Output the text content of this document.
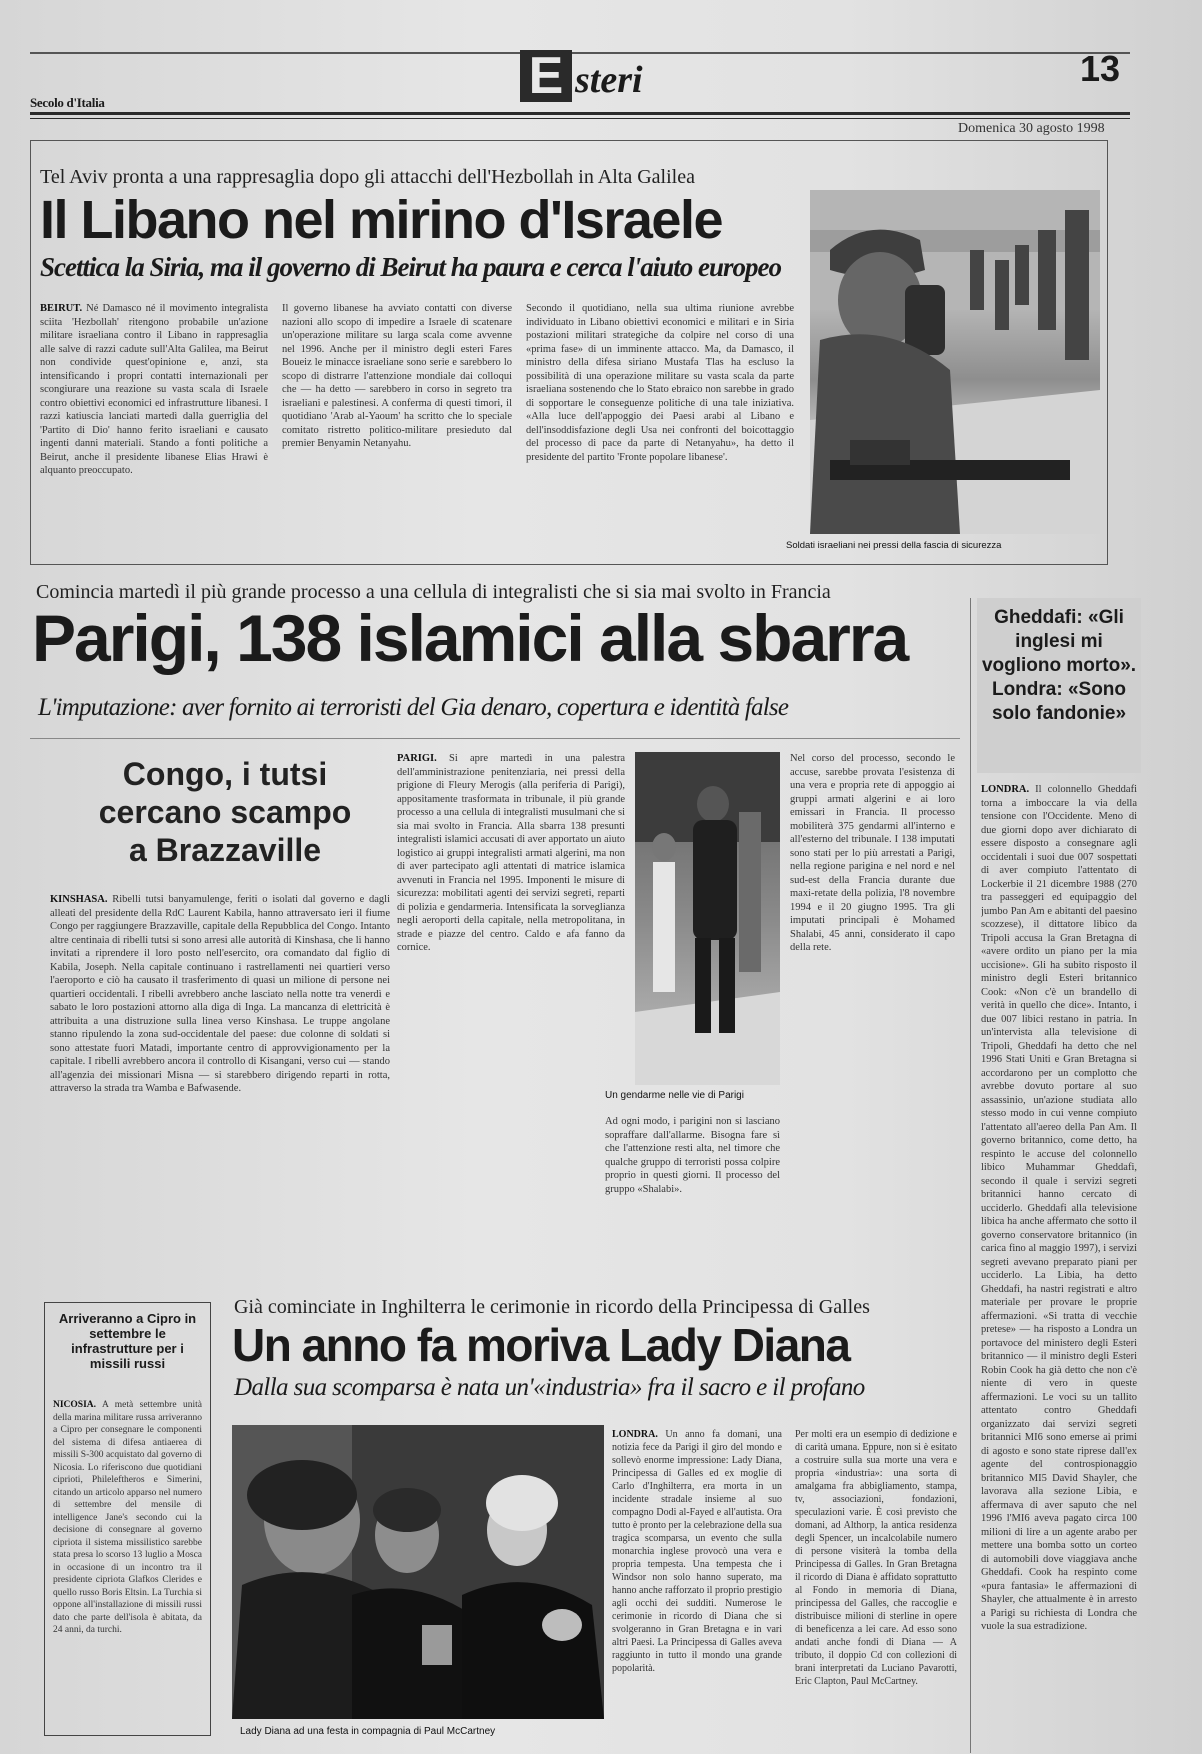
Secolo d'Italia	E steri	13
Domenica 30 agosto 1998
Tel Aviv pronta a una rappresaglia dopo gli attacchi dell'Hezbollah in Alta Galilea
Il Libano nel mirino d'Israele
Scettica la Siria, ma il governo di Beirut ha paura e cerca l'aiuto europeo
BEIRUT. Né Damasco né il movimento integralista sciita 'Hezbollah' ritengono probabile un'azione militare israeliana contro il Libano in rappresaglia alle salve di razzi cadute sull'Alta Galilea, ma Beirut non condivide quest'opinione e, anzi, sta intensificando i propri contatti internazionali per scongiurare una reazione su vasta scala di Israele contro obiettivi economici ed infrastrutture libanesi. I razzi katiuscia lanciati martedì dalla guerriglia del 'Partito di Dio' hanno ferito israeliani e causato ingenti danni materiali. Stando a fonti politiche a Beirut, anche il presidente libanese Elias Hrawi è alquanto preoccupato.
Il governo libanese ha avviato contatti con diverse nazioni allo scopo di impedire a Israele di scatenare un'operazione militare su larga scala come avvenne nel 1996. Anche per il ministro degli esteri Fares Boueiz le minacce israeliane sono serie e sarebbero lo scopo di distrarre l'attenzione mondiale dai colloqui che — ha detto — sarebbero in corso in segreto tra israeliani e palestinesi. A conferma di questi timori, il quotidiano 'Arab al-Yaoum' ha scritto che lo speciale comitato ristretto politico-militare presieduto dal premier Benyamin Netanyahu.
Secondo il quotidiano, nella sua ultima riunione avrebbe individuato in Libano obiettivi economici e militari e in Siria postazioni militari strategiche da colpire nel corso di una «prima fase» di un imminente attacco. Ma, da Damasco, il ministro della difesa siriano Mustafa Tlas ha escluso la possibilità di una operazione militare su vasta scala da parte israeliana sostenendo che lo Stato ebraico non sarebbe in grado di sopportare le conseguenze politiche di una tale iniziativa. «Alla luce dell'appoggio dei Paesi arabi al Libano e dell'insoddisfazione degli Usa nei confronti del boicottaggio del processo di pace da parte di Netanyahu», ha detto il presidente del partito 'Fronte popolare libanese'.
Soldati israeliani nei pressi della fascia di sicurezza
Comincia martedì il più grande processo a una cellula di integralisti che si sia mai svolto in Francia
Parigi, 138 islamici alla sbarra
L'imputazione: aver fornito ai terroristi del Gia denaro, copertura e identità false
Congo, i tutsi
cercano scampo
a Brazzaville
KINSHASA. Ribelli tutsi banyamulenge, feriti o isolati dal governo e dagli alleati del presidente della RdC Laurent Kabila, hanno attraversato ieri il fiume Congo per raggiungere Brazzaville, capitale della Repubblica del Congo. Intanto altre centinaia di ribelli tutsi si sono arresi alle autorità di Kinshasa, che li hanno invitati a riprendere il loro posto nell'esercito, ora comandato dal figlio di Kabila, Joseph. Nella capitale continuano i rastrellamenti nei quartieri verso l'aeroporto e ciò ha causato il trasferimento di quasi un milione di persone nei quartieri occidentali. I ribelli avrebbero anche lasciato nella notte tra venerdì e sabato le loro postazioni attorno alla diga di Inga. La mancanza di elettricità è attribuita a una distruzione sulla linea verso Kinshasa. Le truppe angolane stanno ripulendo la zona sud-occidentale del paese: due colonne di soldati si sono attestate fuori Matadi, importante centro di approvvigionamento per la capitale. I ribelli avrebbero ancora il controllo di Kisangani, verso cui — stando all'agenzia dei missionari Misna — si starebbero dirigendo reparti in rotta, attraverso la strada tra Wamba e Bafwasende.
PARIGI. Si apre martedì in una palestra dell'amministrazione penitenziaria, nei pressi della prigione di Fleury Merogis (alla periferia di Parigi), appositamente trasformata in tribunale, il più grande processo a una cellula di integralisti musulmani che si sia mai svolto in Francia. Alla sbarra 138 presunti integralisti islamici accusati di aver apportato un aiuto logistico ai gruppi integralisti armati algerini, ma non di aver partecipato agli attentati di matrice islamica avvenuti in Francia nel 1995. Imponenti le misure di sicurezza: mobilitati agenti dei servizi segreti, reparti di polizia e gendarmeria. Intensificata la sorveglianza negli aeroporti della capitale, nella metropolitana, in strade e piazze del centro. Caldo e afa fanno da cornice.
Un gendarme nelle vie di Parigi
Ad ogni modo, i parigini non si lasciano sopraffare dall'allarme. Bisogna fare sì che l'attenzione resti alta, nel timore che qualche gruppo di terroristi possa colpire proprio in questi giorni. Il processo del gruppo «Shalabi».
Nel corso del processo, secondo le accuse, sarebbe provata l'esistenza di una vera e propria rete di appoggio ai gruppi armati algerini e ai loro emissari in Francia. Il processo mobiliterà 375 gendarmi all'interno e all'esterno del tribunale. I 138 imputati sono stati per lo più arrestati a Parigi, nella regione parigina e nel nord e nel sud-est della Francia durante due maxi-retate della polizia, l'8 novembre 1994 e il 20 giugno 1995. Tra gli imputati principali è Mohamed Shalabi, 45 anni, considerato il capo della rete.
Gheddafi: «Gli inglesi mi vogliono morto». Londra: «Sono solo fandonie»
LONDRA. Il colonnello Gheddafi torna a imboccare la via della tensione con l'Occidente. Meno di due giorni dopo aver dichiarato di essere disposto a consegnare agli occidentali i suoi due 007 sospettati di aver compiuto l'attentato di Lockerbie il 21 dicembre 1988 (270 tra passeggeri ed equipaggio del jumbo Pan Am e abitanti del paesino scozzese), il dittatore libico da Tripoli accusa la Gran Bretagna di «avere ordito un piano per la mia uccisione». Gli ha subito risposto il ministro degli Esteri britannico Cook: «Non c'è un brandello di verità in quello che dice». Intanto, i due 007 libici restano in patria. In un'intervista alla televisione di Tripoli, Gheddafi ha detto che nel 1996 Stati Uniti e Gran Bretagna si accordarono per un complotto che avrebbe dovuto portare al suo assassinio, un'azione studiata allo stesso modo in cui venne compiuto l'attentato all'aereo della Pan Am. Il governo britannico, come detto, ha respinto le accuse del colonnello libico Muhammar Gheddafi, secondo il quale i servizi segreti britannici hanno cercato di ucciderlo. Gheddafi alla televisione libica ha anche affermato che sotto il governo conservatore britannico (in carica fino al maggio 1997), i servizi segreti avevano preparato piani per ucciderlo. La Libia, ha detto Gheddafi, ha nastri registrati e altro materiale per provare le proprie affermazioni. «Si tratta di vecchie pretese» — ha risposto a Londra un portavoce del ministero degli Esteri britannico — il ministro degli Esteri Robin Cook ha già detto che non c'è niente di vero in queste affermazioni. Le voci su un tallito attentato contro Gheddafi organizzato dai servizi segreti britannici MI6 sono emerse ai primi di agosto e sono state riprese dall'ex agente del controspionaggio britannico MI5 David Shayler, che lavorava alla sezione Libia, e affermava di aver saputo che nel 1996 l'MI6 aveva pagato circa 100 milioni di lire a un agente arabo per mettere una bomba sotto un corteo di automobili dove viaggiava anche Gheddafi. Cook ha respinto come «pura fantasia» le affermazioni di Shayler, che attualmente è in arresto a Parigi su richiesta di Londra che vuole la sua estradizione.
Arriveranno a Cipro in settembre le infrastrutture per i missili russi
NICOSIA. A metà settembre unità della marina militare russa arriveranno a Cipro per consegnare le componenti del sistema di difesa antiaerea di missili S-300 acquistato dal governo di Nicosia. Lo riferiscono due quotidiani ciprioti, Phileleftheros e Simerini, citando un articolo apparso nel numero di settembre del mensile di intelligence Jane's secondo cui la decisione di consegnare al governo cipriota il sistema missilistico sarebbe stata presa lo scorso 13 luglio a Mosca in occasione di un incontro tra il presidente cipriota Glafkos Clerides e quello russo Boris Eltsin. La Turchia si oppone all'installazione di missili russi dato che parte dell'isola è abitata, da 24 anni, da turchi.
Già cominciate in Inghilterra le cerimonie in ricordo della Principessa di Galles
Un anno fa moriva Lady Diana
Dalla sua scomparsa è nata un'«industria» fra il sacro e il profano
Lady Diana ad una festa in compagnia di Paul McCartney
LONDRA. Un anno fa domani, una notizia fece da Parigi il giro del mondo e sollevò enorme impressione: Lady Diana, Principessa di Galles ed ex moglie di Carlo d'Inghilterra, era morta in un incidente stradale insieme al suo compagno Dodi al-Fayed e all'autista. Ora tutto è pronto per la celebrazione della sua tragica scomparsa, un evento che sulla monarchia inglese provocò una vera e propria tempesta. Una tempesta che i Windsor non solo hanno superato, ma hanno anche rafforzato il proprio prestigio agli occhi dei sudditi. Numerose le cerimonie in ricordo di Diana che si svolgeranno in Gran Bretagna e in vari altri Paesi. La Principessa di Galles aveva raggiunto in tutto il mondo una grande popolarità.
Per molti era un esempio di dedizione e di carità umana. Eppure, non si è esitato a costruire sulla sua morte una vera e propria «industria»: una sorta di amalgama fra abbigliamento, stampa, tv, associazioni, fondazioni, speculazioni varie. È così previsto che domani, ad Althorp, la antica residenza degli Spencer, un incalcolabile numero di persone visiterà la tomba della Principessa di Galles. In Gran Bretagna il ricordo di Diana è affidato soprattutto al Fondo in memoria di Diana, principessa del Galles, che raccoglie e distribuisce milioni di sterline in opere di beneficenza a lei care. Ad esso sono andati anche fondi di Diana — A tributo, il doppio Cd con collezioni di brani interpretati da Luciano Pavarotti, Eric Clapton, Paul McCartney.
